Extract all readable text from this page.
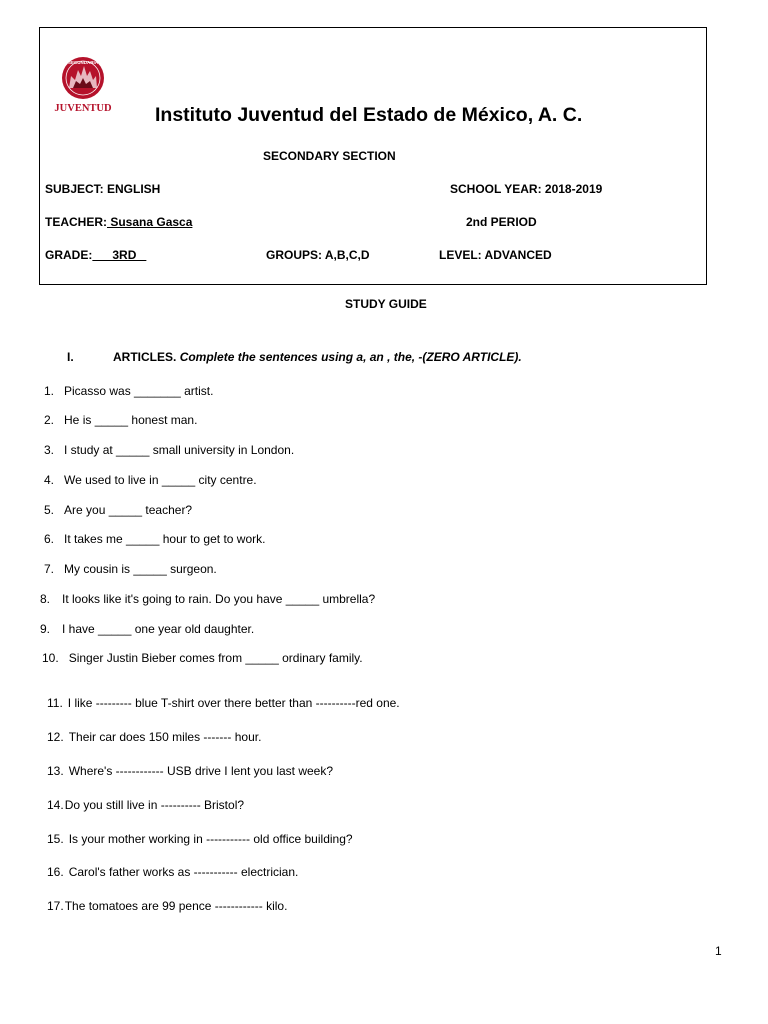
SECUNDARIA
JUVENTUD Instituto Juventud del Estado de México, A. C.
SECONDARY SECTION
SUBJECT: ENGLISH	SCHOOL YEAR: 2018-2019
TEACHER: Susana Gasca	2nd PERIOD
GRADE:      3RD	GROUPS: A,B,C,D	LEVEL: ADVANCED
STUDY GUIDE
I.	ARTICLES. Complete the sentences using a, an , the, -(ZERO ARTICLE).
1. Picasso was _______ artist.
2. He is _____ honest man.
3. I study at _____ small university in London.
4. We used to live in _____ city centre.
5. Are you _____ teacher?
6. It takes me _____ hour to get to work.
7. My cousin is _____ surgeon.
8. It looks like it's going to rain. Do you have _____ umbrella?
9. I have _____ one year old daughter.
10. Singer Justin Bieber comes from _____ ordinary family.
11. I like --------- blue T-shirt over there better than ----------red one.
12. Their car does 150 miles ------- hour.
13. Where's ------------ USB drive I lent you last week?
14.Do you still live in ---------- Bristol?
15. Is your mother working in ----------- old office building?
16. Carol's father works as ----------- electrician.
17.The tomatoes are 99 pence ------------ kilo.
1
